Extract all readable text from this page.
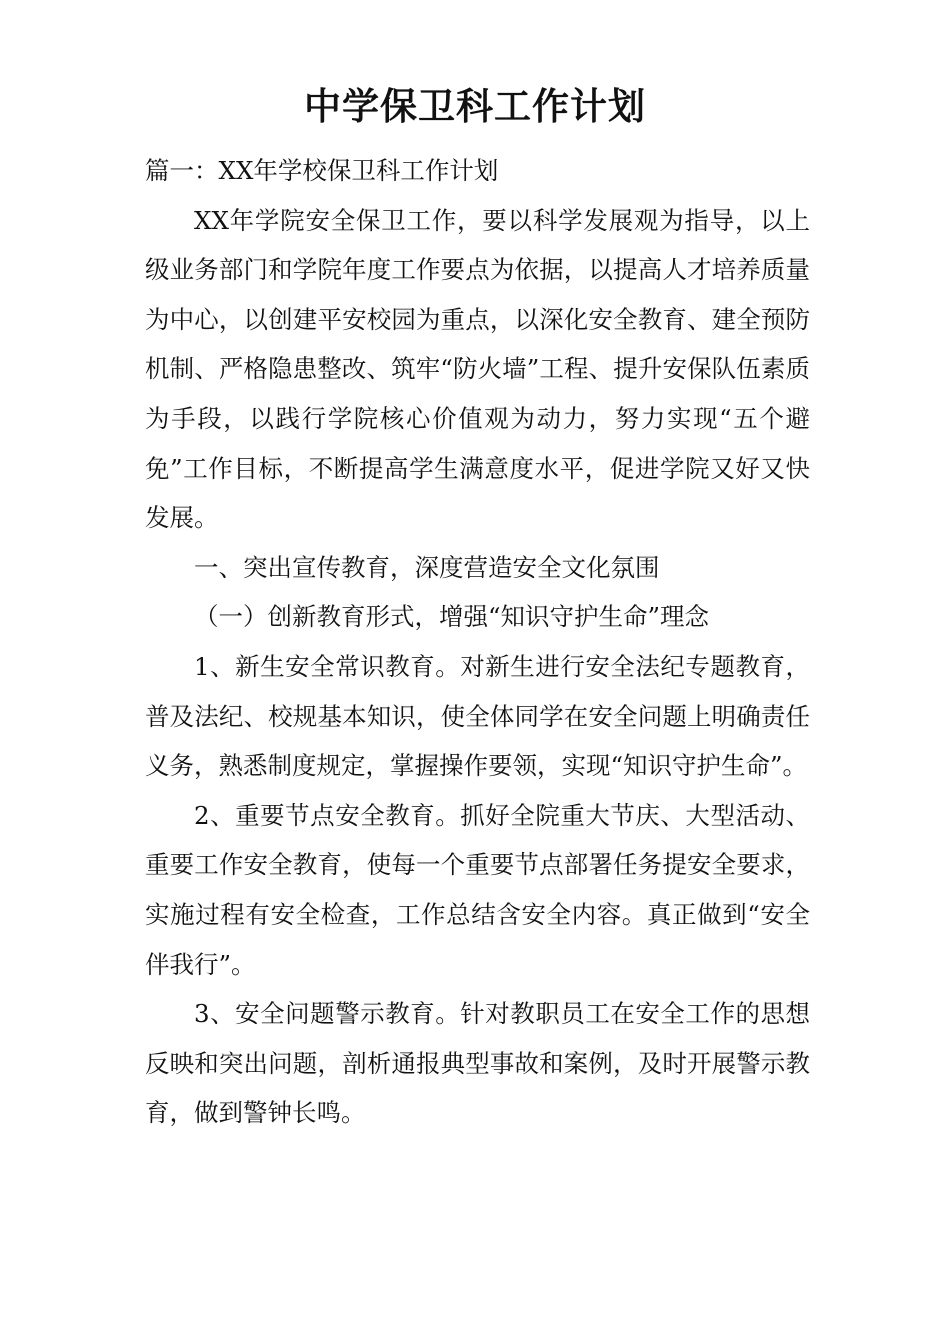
中学保卫科工作计划

篇一：XX年学校保卫科工作计划

XX年学院安全保卫工作，要以科学发展观为指导，以上级业务部门和学院年度工作要点为依据，以提高人才培养质量为中心，以创建平安校园为重点，以深化安全教育、建全预防机制、严格隐患整改、筑牢“防火墙”工程、提升安保队伍素质为手段，以践行学院核心价值观为动力，努力实现“五个避免”工作目标，不断提高学生满意度水平，促进学院又好又快发展。

一、突出宣传教育，深度营造安全文化氛围

（一）创新教育形式，增强“知识守护生命”理念

1、新生安全常识教育。对新生进行安全法纪专题教育，普及法纪、校规基本知识，使全体同学在安全问题上明确责任义务，熟悉制度规定，掌握操作要领，实现“知识守护生命”。

2、重要节点安全教育。抓好全院重大节庆、大型活动、重要工作安全教育，使每一个重要节点部署任务提安全要求，实施过程有安全检查，工作总结含安全内容。真正做到“安全伴我行”。

3、安全问题警示教育。针对教职员工在安全工作的思想反映和突出问题，剖析通报典型事故和案例，及时开展警示教育，做到警钟长鸣。
